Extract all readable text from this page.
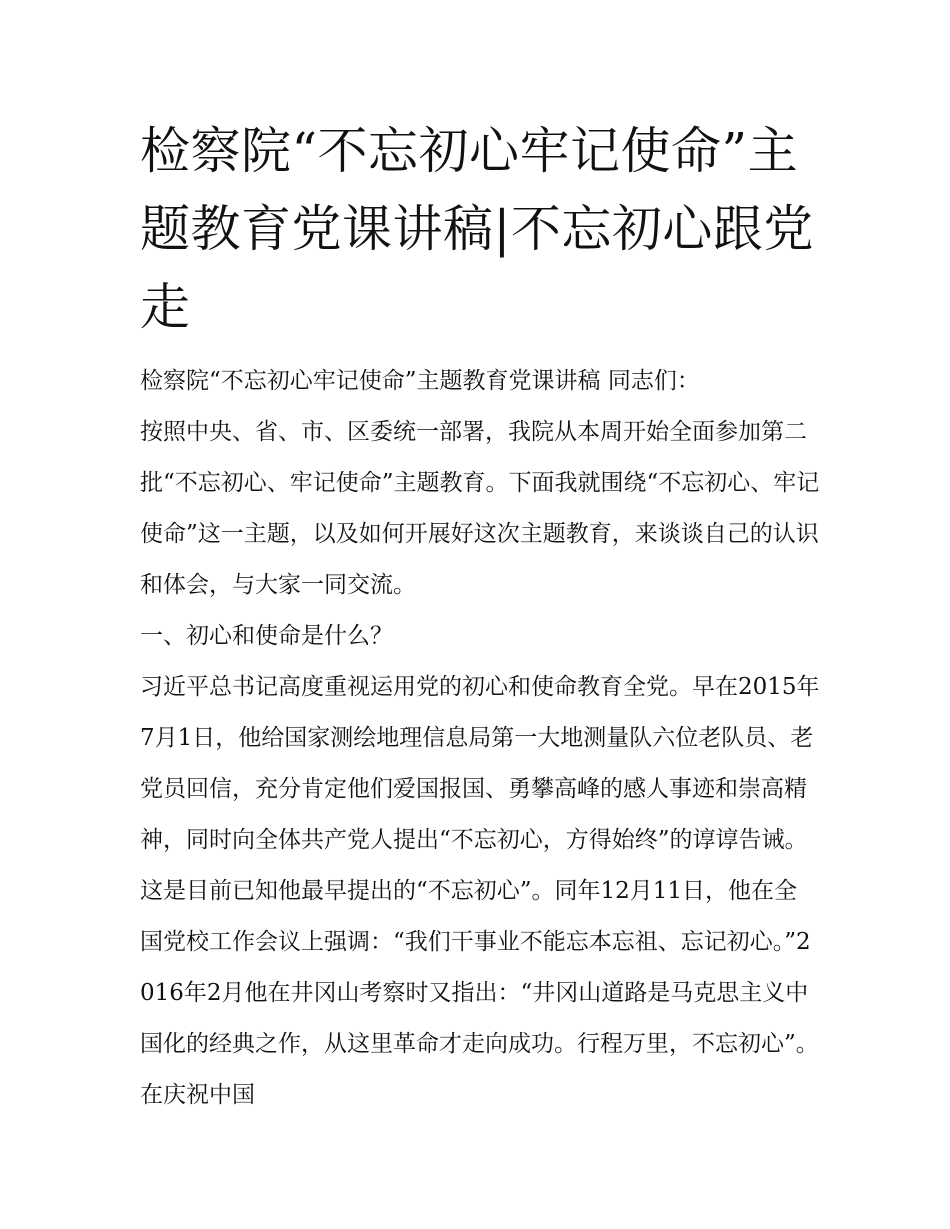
检察院“不忘初心牢记使命”主题教育党课讲稿|不忘初心跟党走

检察院“不忘初心牢记使命”主题教育党课讲稿 同志们：

按照中央、省、市、区委统一部署，我院从本周开始全面参加第二批“不忘初心、牢记使命”主题教育。下面我就围绕“不忘初心、牢记使命”这一主题，以及如何开展好这次主题教育，来谈谈自己的认识和体会，与大家一同交流。

一、初心和使命是什么？

习近平总书记高度重视运用党的初心和使命教育全党。早在2015年7月1日，他给国家测绘地理信息局第一大地测量队六位老队员、老党员回信，充分肯定他们爱国报国、勇攀高峰的感人事迹和崇高精神，同时向全体共产党人提出“不忘初心，方得始终”的谆谆告诫。这是目前已知他最早提出的“不忘初心”。同年12月11日，他在全国党校工作会议上强调：“我们干事业不能忘本忘祖、忘记初心。”2016年2月他在井冈山考察时又指出：“井冈山道路是马克思主义中国化的经典之作，从这里革命才走向成功。行程万里，不忘初心”。在庆祝中国
